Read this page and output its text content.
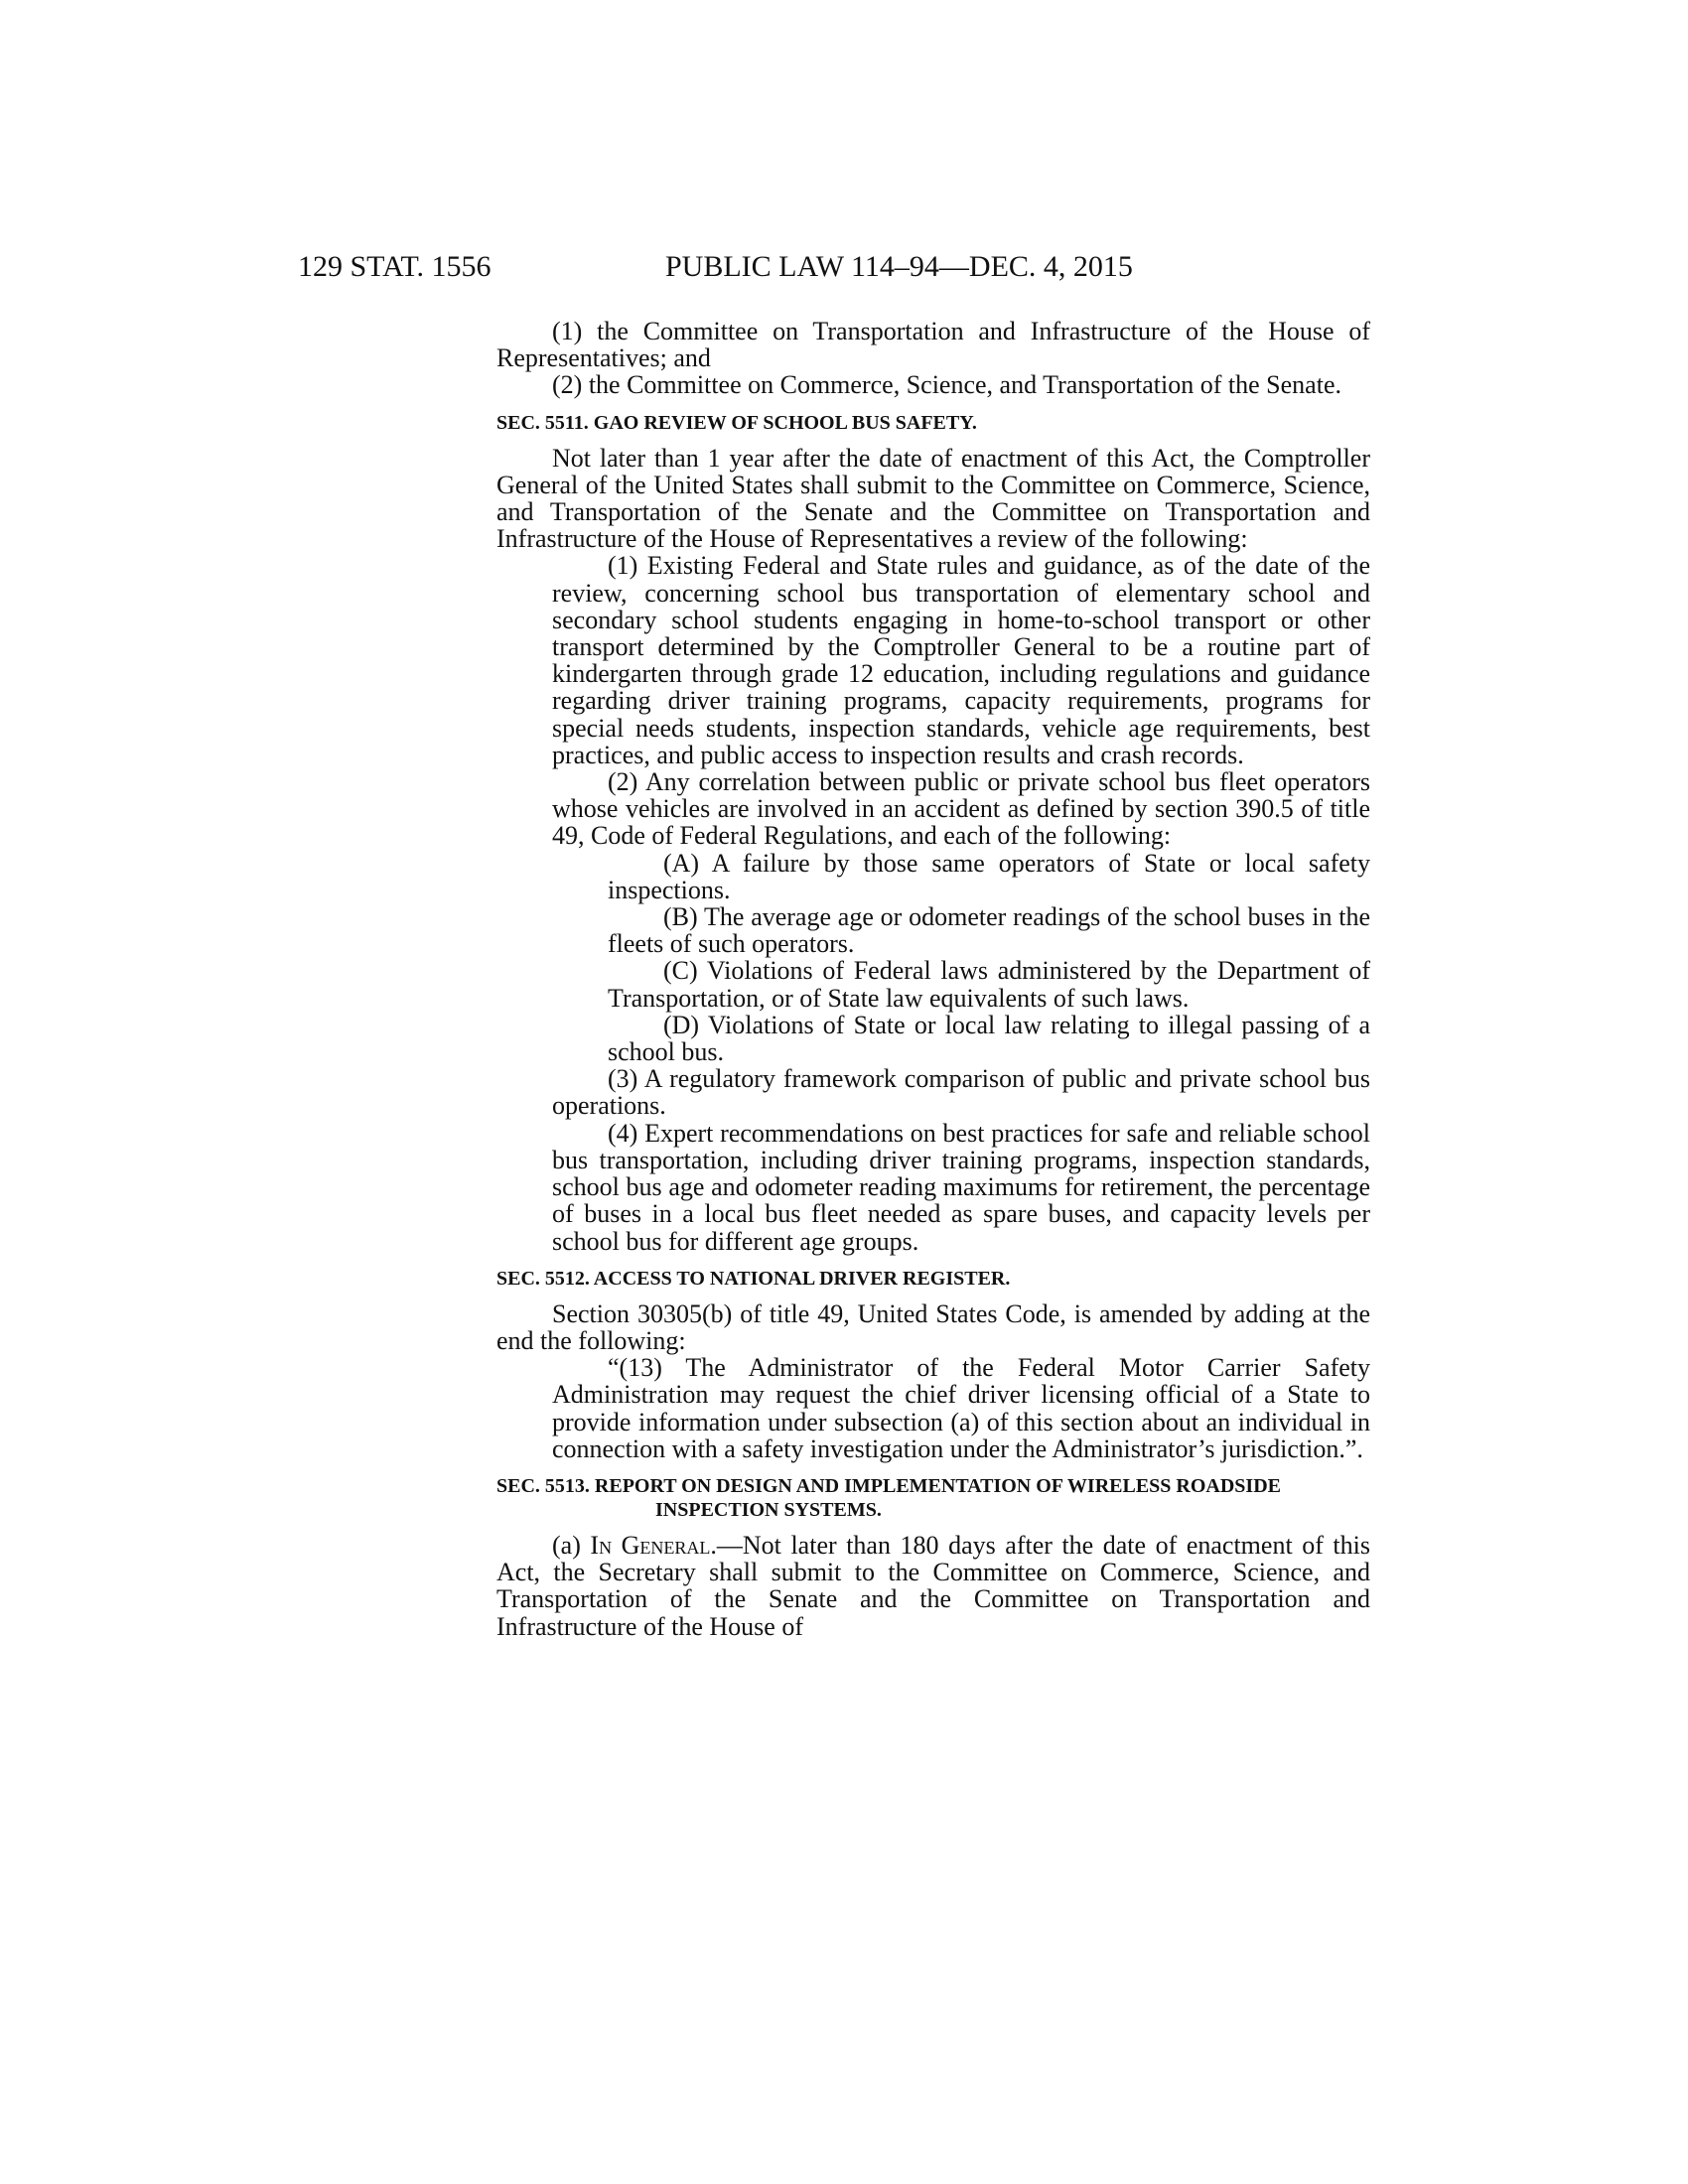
129 STAT. 1556	PUBLIC LAW 114–94—DEC. 4, 2015

(1) the Committee on Transportation and Infrastructure of the House of Representatives; and

(2) the Committee on Commerce, Science, and Transportation of the Senate.

SEC. 5511. GAO REVIEW OF SCHOOL BUS SAFETY.

Not later than 1 year after the date of enactment of this Act, the Comptroller General of the United States shall submit to the Committee on Commerce, Science, and Transportation of the Senate and the Committee on Transportation and Infrastructure of the House of Representatives a review of the following:

(1) Existing Federal and State rules and guidance, as of the date of the review, concerning school bus transportation of elementary school and secondary school students engaging in home-to-school transport or other transport determined by the Comptroller General to be a routine part of kindergarten through grade 12 education, including regulations and guidance regarding driver training programs, capacity requirements, programs for special needs students, inspection standards, vehicle age requirements, best practices, and public access to inspection results and crash records.

(2) Any correlation between public or private school bus fleet operators whose vehicles are involved in an accident as defined by section 390.5 of title 49, Code of Federal Regulations, and each of the following:

(A) A failure by those same operators of State or local safety inspections.

(B) The average age or odometer readings of the school buses in the fleets of such operators.

(C) Violations of Federal laws administered by the Department of Transportation, or of State law equivalents of such laws.

(D) Violations of State or local law relating to illegal passing of a school bus.

(3) A regulatory framework comparison of public and private school bus operations.

(4) Expert recommendations on best practices for safe and reliable school bus transportation, including driver training programs, inspection standards, school bus age and odometer reading maximums for retirement, the percentage of buses in a local bus fleet needed as spare buses, and capacity levels per school bus for different age groups.

SEC. 5512. ACCESS TO NATIONAL DRIVER REGISTER.

Section 30305(b) of title 49, United States Code, is amended by adding at the end the following:

“(13) The Administrator of the Federal Motor Carrier Safety Administration may request the chief driver licensing official of a State to provide information under subsection (a) of this section about an individual in connection with a safety investigation under the Administrator’s jurisdiction.”.

SEC. 5513. REPORT ON DESIGN AND IMPLEMENTATION OF WIRELESS ROADSIDE INSPECTION SYSTEMS.

(a) In General.—Not later than 180 days after the date of enactment of this Act, the Secretary shall submit to the Committee on Commerce, Science, and Transportation of the Senate and the Committee on Transportation and Infrastructure of the House of
